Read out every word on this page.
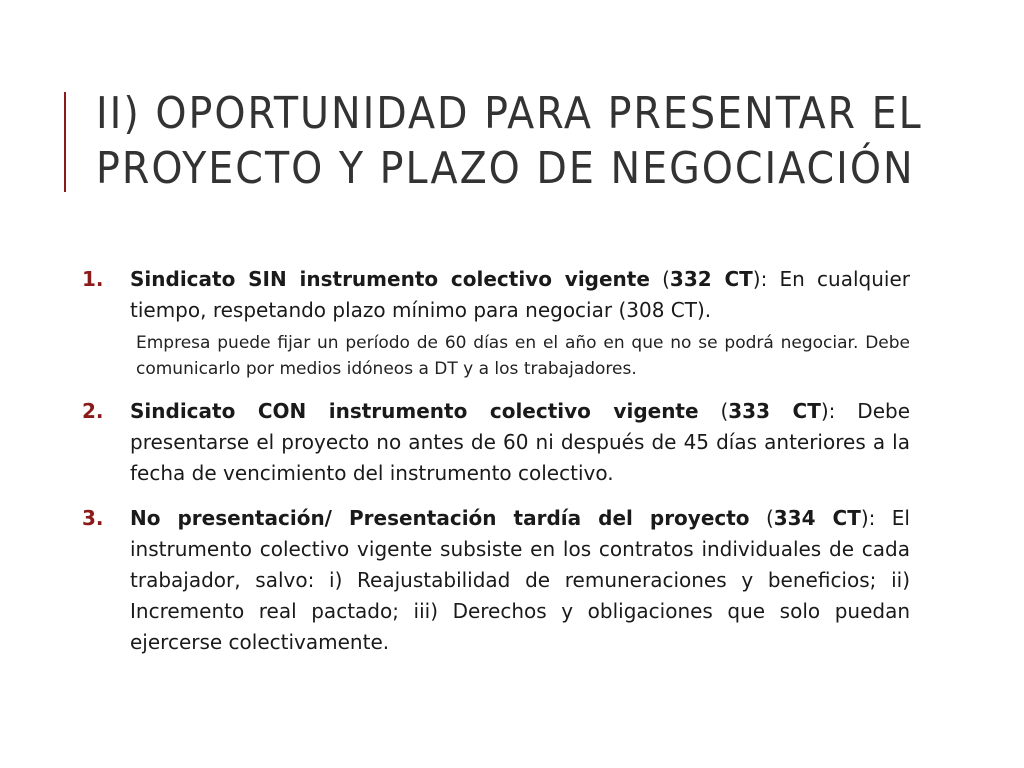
II) OPORTUNIDAD PARA PRESENTAR EL
PROYECTO Y PLAZO DE NEGOCIACIÓN
1.	Sindicato SIN instrumento colectivo vigente (332 CT): En cualquier tiempo, respetando plazo mínimo para negociar (308 CT).

Empresa puede fijar un período de 60 días en el año en que no se podrá negociar. Debe comunicarlo por medios idóneos a DT y a los trabajadores.

2.	Sindicato CON instrumento colectivo vigente (333 CT): Debe presentarse el proyecto no antes de 60 ni después de 45 días anteriores a la fecha de vencimiento del instrumento colectivo.

3.	No presentación/ Presentación tardía del proyecto (334 CT): El instrumento colectivo vigente subsiste en los contratos individuales de cada trabajador, salvo: i) Reajustabilidad de remuneraciones y beneficios; ii) Incremento real pactado; iii) Derechos y obligaciones que solo puedan ejercerse colectivamente.
